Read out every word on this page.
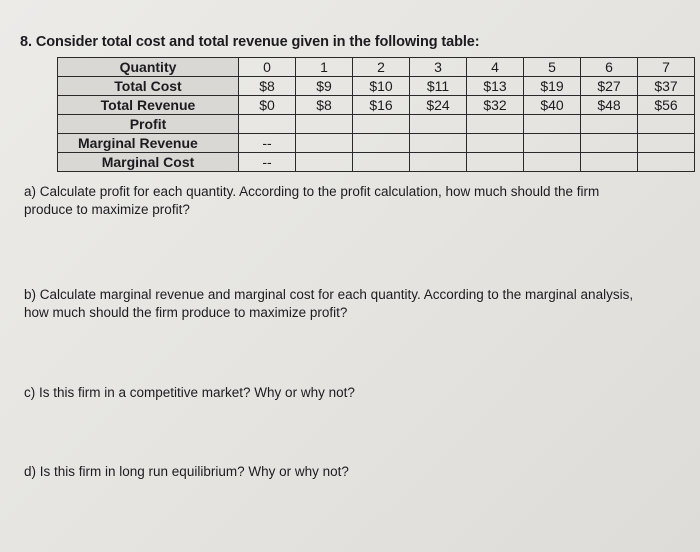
8. Consider total cost and total revenue given in the following table:
Quantity	0	1	2	3	4	5	6	7
Total Cost	$8	$9	$10	$11	$13	$19	$27	$37
Total Revenue	$0	$8	$16	$24	$32	$40	$48	$56
Profit								
Marginal Revenue	--							
Marginal Cost	--							
a) Calculate profit for each quantity. According to the profit calculation, how much should the firm
produce to maximize profit?
b) Calculate marginal revenue and marginal cost for each quantity. According to the marginal analysis,
how much should the firm produce to maximize profit?
c) Is this firm in a competitive market? Why or why not?
d) Is this firm in long run equilibrium? Why or why not?
